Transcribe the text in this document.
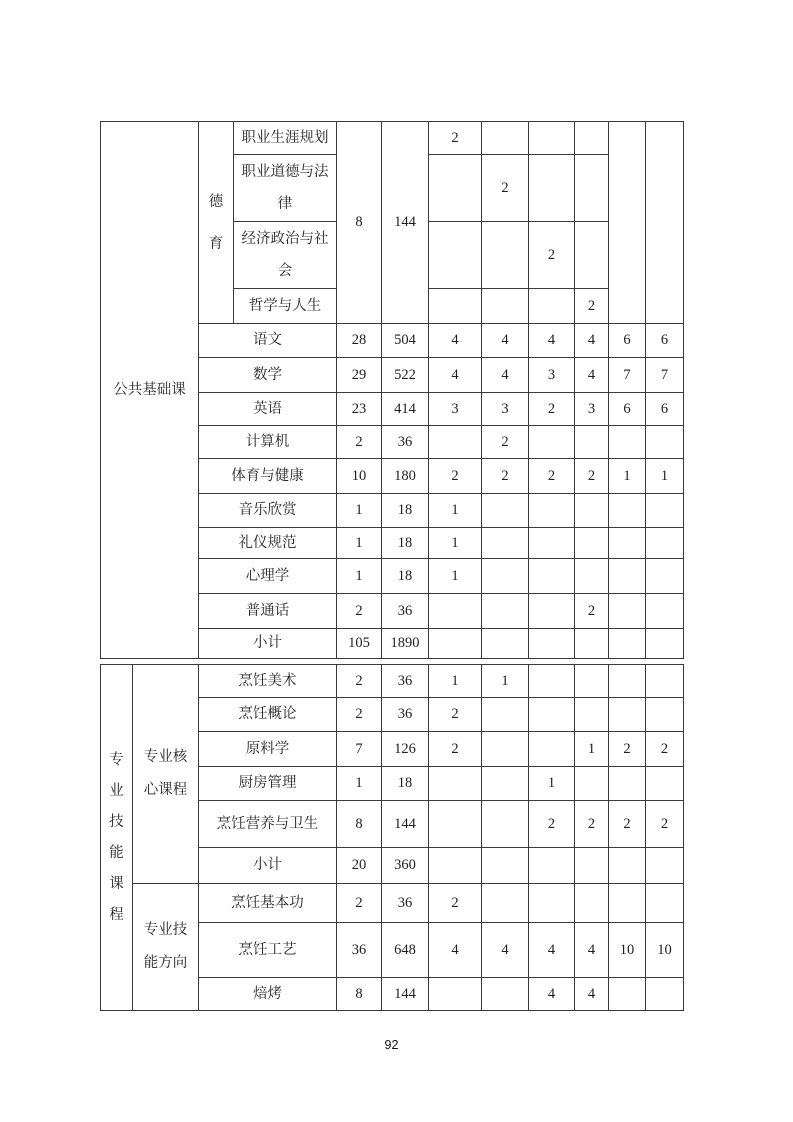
公共基础课	德育	职业生涯规划	8	144	2					
		职业道德与法律				2				
		经济政治与社会					2			
		哲学与人生						2		
	语文		28	504	4	4	4	4	6	6
	数学		29	522	4	4	3	4	7	7
	英语		23	414	3	3	2	3	6	6
	计算机		2	36		2				
	体育与健康		10	180	2	2	2	2	1	1
	音乐欣赏		1	18	1					
	礼仪规范		1	18	1					
	心理学		1	18	1					
	普通话		2	36				2		
	小计		105	1890						
专业技能课程	专业核心课程	烹饪美术	2	36	1	1				
		烹饪概论	2	36	2					
		原料学	7	126	2			1	2	2
		厨房管理	1	18			1			
		烹饪营养与卫生	8	144			2	2	2	2
		小计	20	360						
	专业技能方向	烹饪基本功	2	36	2					
		烹饪工艺	36	648	4	4	4	4	10	10
		焙烤	8	144			4	4		
92
